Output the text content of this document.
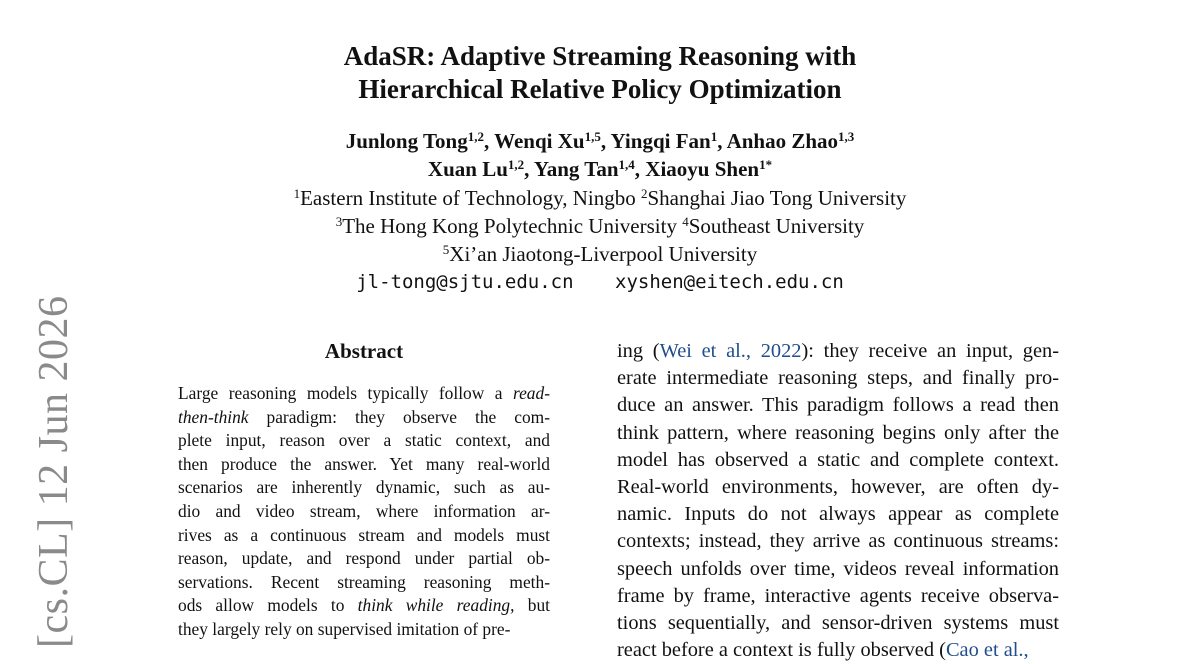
[cs.CL] 12 Jun 2026
AdaSR: Adaptive Streaming Reasoning with
Hierarchical Relative Policy Optimization
Junlong Tong$^{1,2}$, Wenqi Xu$^{1,5}$, Yingqi Fan$^1$, Anhao Zhao$^{1,3}$
Xuan Lu$^{1,2}$, Yang Tan$^{1,4}$, Xiaoyu Shen$^{1*}$
$^1$Eastern Institute of Technology, Ningbo $^2$Shanghai Jiao Tong University
$^3$The Hong Kong Polytechnic University $^4$Southeast University
$^5$Xi’an Jiaotong-Liverpool University
jl-tong@sjtu.edu.cn xyshen@eitech.edu.cn
Abstract
Large reasoning models typically follow a read-
then-think paradigm: they observe the com-
plete input, reason over a static context, and
then produce the answer. Yet many real-world
scenarios are inherently dynamic, such as au-
dio and video stream, where information ar-
rives as a continuous stream and models must
reason, update, and respond under partial ob-
servations. Recent streaming reasoning meth-
ods allow models to think while reading, but
they largely rely on supervised imitation of pre-
ing (Wei et al., 2022): they receive an input, gen-
erate intermediate reasoning steps, and finally pro-
duce an answer. This paradigm follows a read then
think pattern, where reasoning begins only after the
model has observed a static and complete context.
Real-world environments, however, are often dy-
namic. Inputs do not always appear as complete
contexts; instead, they arrive as continuous streams:
speech unfolds over time, videos reveal information
frame by frame, interactive agents receive observa-
tions sequentially, and sensor-driven systems must
react before a context is fully observed (Cao et al.,
